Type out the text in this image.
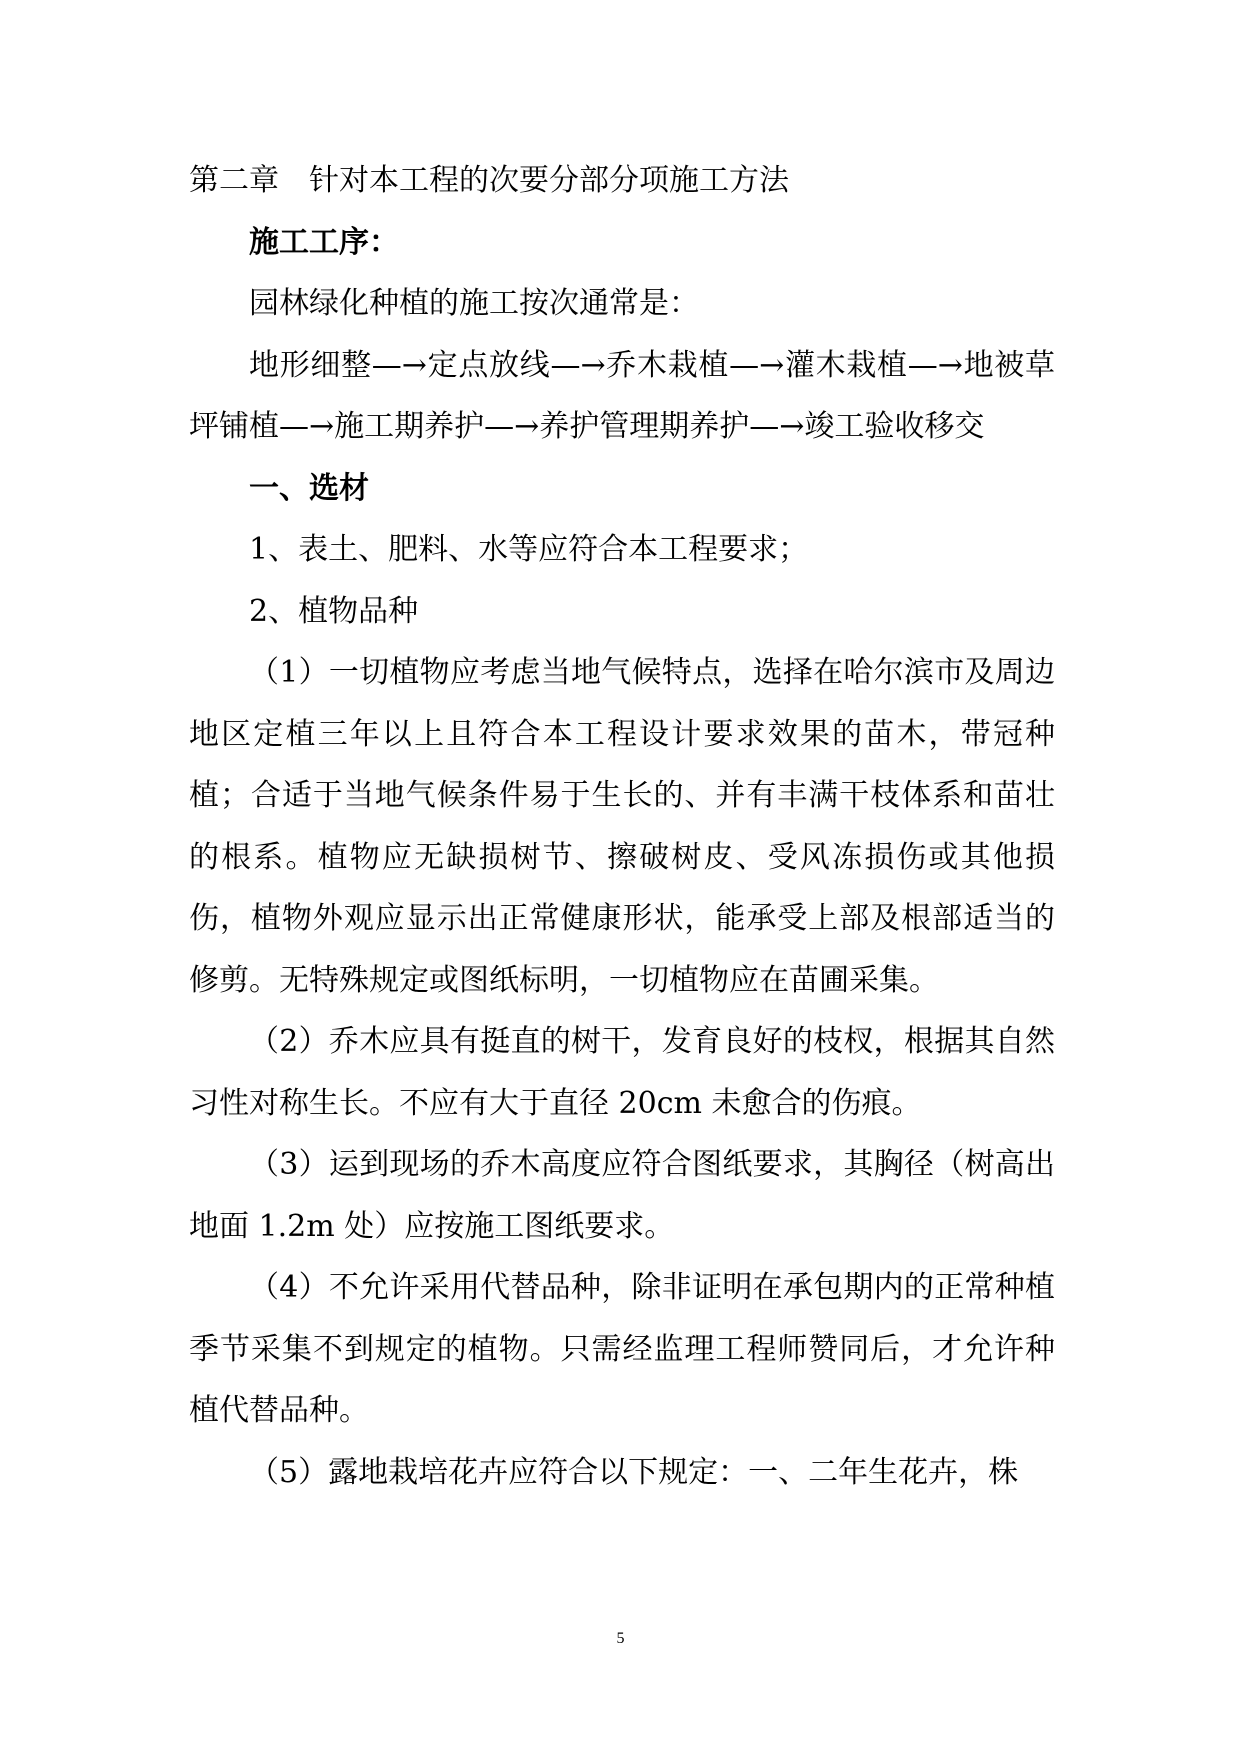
第二章　针对本工程的次要分部分项施工方法
施工工序：

园林绿化种植的施工按次通常是：

地形细整—→定点放线—→乔木栽植—→灌木栽植—→地被草坪铺植—→施工期养护—→养护管理期养护—→竣工验收移交

一、选材

1、表土、肥料、水等应符合本工程要求；

2、植物品种

（1）一切植物应考虑当地气候特点，选择在哈尔滨市及周边地区定植三年以上且符合本工程设计要求效果的苗木，带冠种植；合适于当地气候条件易于生长的、并有丰满干枝体系和苗壮的根系。植物应无缺损树节、擦破树皮、受风冻损伤或其他损伤，植物外观应显示出正常健康形状，能承受上部及根部适当的修剪。无特殊规定或图纸标明，一切植物应在苗圃采集。

（2）乔木应具有挺直的树干，发育良好的枝杈，根据其自然习性对称生长。不应有大于直径 20cm 未愈合的伤痕。

（3）运到现场的乔木高度应符合图纸要求，其胸径（树高出地面 1.2m 处）应按施工图纸要求。

（4）不允许采用代替品种，除非证明在承包期内的正常种植季节采集不到规定的植物。只需经监理工程师赞同后，才允许种植代替品种。

（5）露地栽培花卉应符合以下规定：一、二年生花卉，株

5
